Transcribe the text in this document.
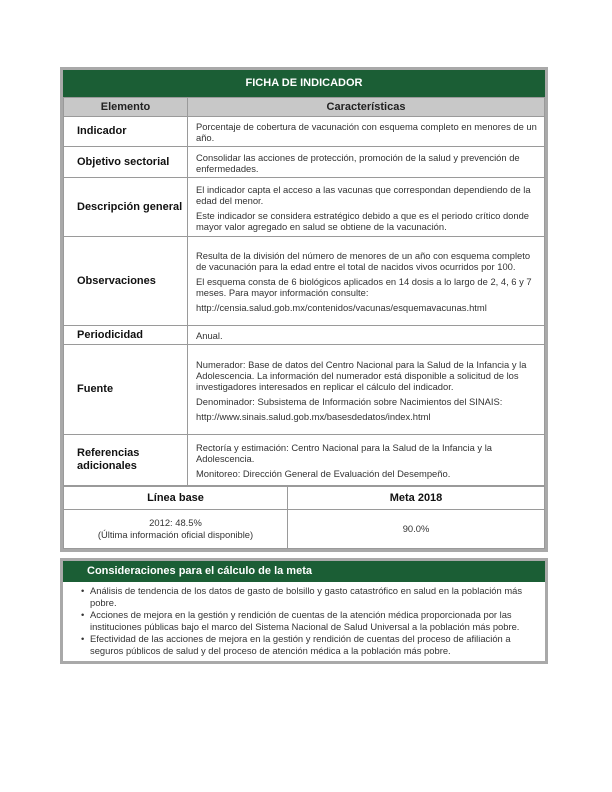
FICHA DE INDICADOR
Elemento	Características
Indicador	Porcentaje de cobertura de vacunación con esquema completo en menores de un año.

Objetivo sectorial	Consolidar las acciones de protección, promoción de la salud y prevención de enfermedades.

Descripción general	El indicador capta el acceso a las vacunas que correspondan dependiendo de la edad del menor.

Este indicador se considera estratégico debido a que es el periodo crítico donde mayor valor agregado en salud se obtiene de la vacunación.

Observaciones	Resulta de la división del número de menores de un año con esquema completo de vacunación para la edad entre el total de nacidos vivos ocurridos por 100.

El esquema consta de 6 biológicos aplicados en 14 dosis a lo largo de 2, 4, 6 y 7 meses. Para mayor información consulte:

http://censia.salud.gob.mx/contenidos/vacunas/esquemavacunas.html

Periodicidad	Anual.

Fuente	Numerador: Base de datos del Centro Nacional para la Salud de la Infancia y la Adolescencia. La información del numerador está disponible a solicitud de los investigadores interesados en replicar el cálculo del indicador.

Denominador: Subsistema de Información sobre Nacimientos del SINAIS:

http://www.sinais.salud.gob.mx/basesdedatos/index.html

Referencias adicionales	Rectoría y estimación: Centro Nacional para la Salud de la Infancia y la Adolescencia.

Monitoreo: Dirección General de Evaluación del Desempeño.

Línea base	Meta 2018

2012: 48.5%
(Última información oficial disponible)	90.0%
Consideraciones para el cálculo de la meta
• Análisis de tendencia de los datos de gasto de bolsillo y gasto catastrófico en salud en la población más pobre.
• Acciones de mejora en la gestión y rendición de cuentas de la atención médica proporcionada por las instituciones públicas bajo el marco del Sistema Nacional de Salud Universal a la población más pobre.
• Efectividad de las acciones de mejora en la gestión y rendición de cuentas del proceso de afiliación a seguros públicos de salud y del proceso de atención médica a la población más pobre.
